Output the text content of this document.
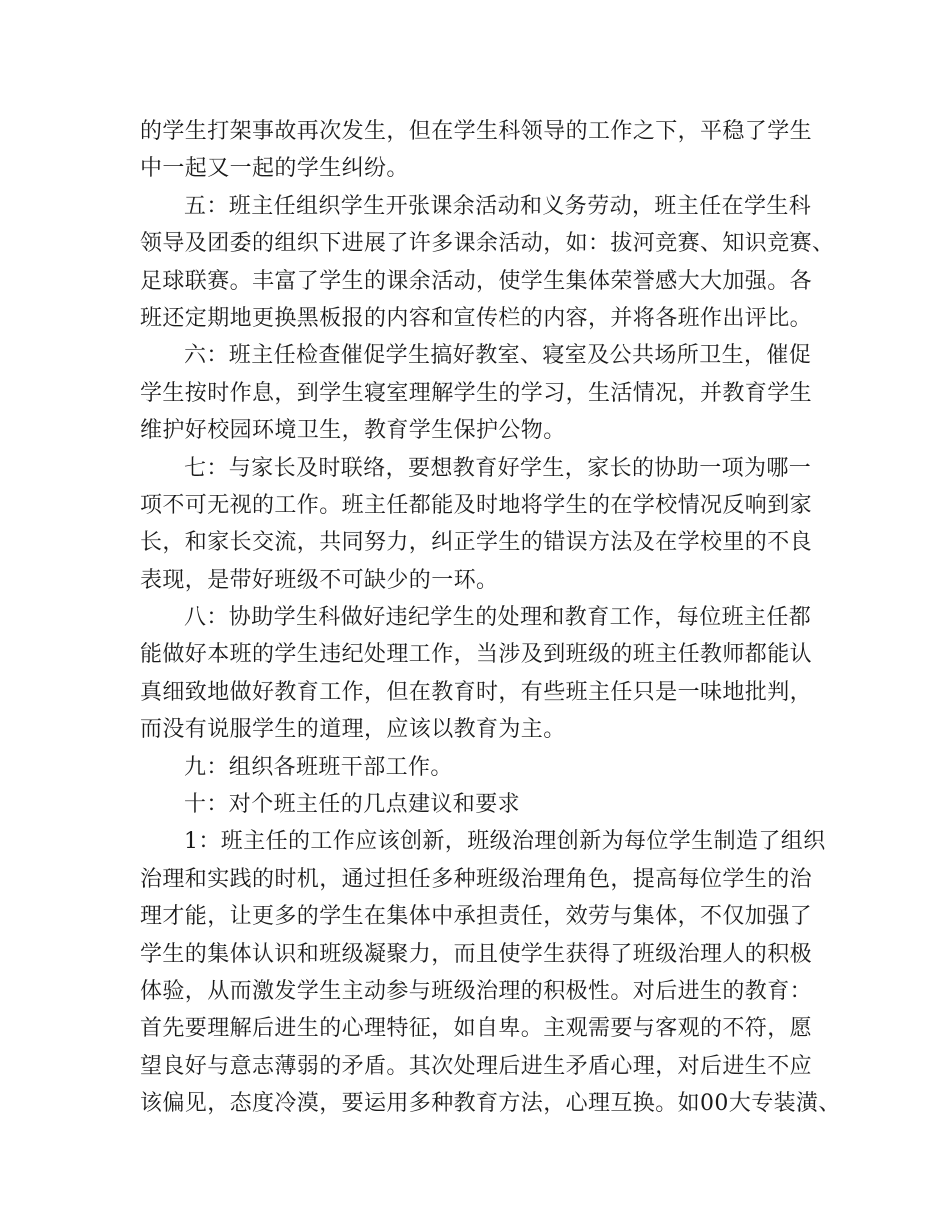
的学生打架事故再次发生，但在学生科领导的工作之下，平稳了学生
中一起又一起的学生纠纷。
五：班主任组织学生开张课余活动和义务劳动，班主任在学生科
领导及团委的组织下进展了许多课余活动，如：拔河竞赛、知识竞赛、
足球联赛。丰富了学生的课余活动，使学生集体荣誉感大大加强。各
班还定期地更换黑板报的内容和宣传栏的内容，并将各班作出评比。
六：班主任检查催促学生搞好教室、寝室及公共场所卫生，催促
学生按时作息，到学生寝室理解学生的学习，生活情况，并教育学生
维护好校园环境卫生，教育学生保护公物。
七：与家长及时联络，要想教育好学生，家长的协助一项为哪一
项不可无视的工作。班主任都能及时地将学生的在学校情况反响到家
长，和家长交流，共同努力，纠正学生的错误方法及在学校里的不良
表现，是带好班级不可缺少的一环。
八：协助学生科做好违纪学生的处理和教育工作，每位班主任都
能做好本班的学生违纪处理工作，当涉及到班级的班主任教师都能认
真细致地做好教育工作，但在教育时，有些班主任只是一味地批判，
而没有说服学生的道理，应该以教育为主。
九：组织各班班干部工作。
十：对个班主任的几点建议和要求
1：班主任的工作应该创新，班级治理创新为每位学生制造了组织
治理和实践的时机，通过担任多种班级治理角色，提高每位学生的治
理才能，让更多的学生在集体中承担责任，效劳与集体，不仅加强了
学生的集体认识和班级凝聚力，而且使学生获得了班级治理人的积极
体验，从而激发学生主动参与班级治理的积极性。对后进生的教育：
首先要理解后进生的心理特征，如自卑。主观需要与客观的不符，愿
望良好与意志薄弱的矛盾。其次处理后进生矛盾心理，对后进生不应
该偏见，态度冷漠，要运用多种教育方法，心理互换。如00大专装潢、
